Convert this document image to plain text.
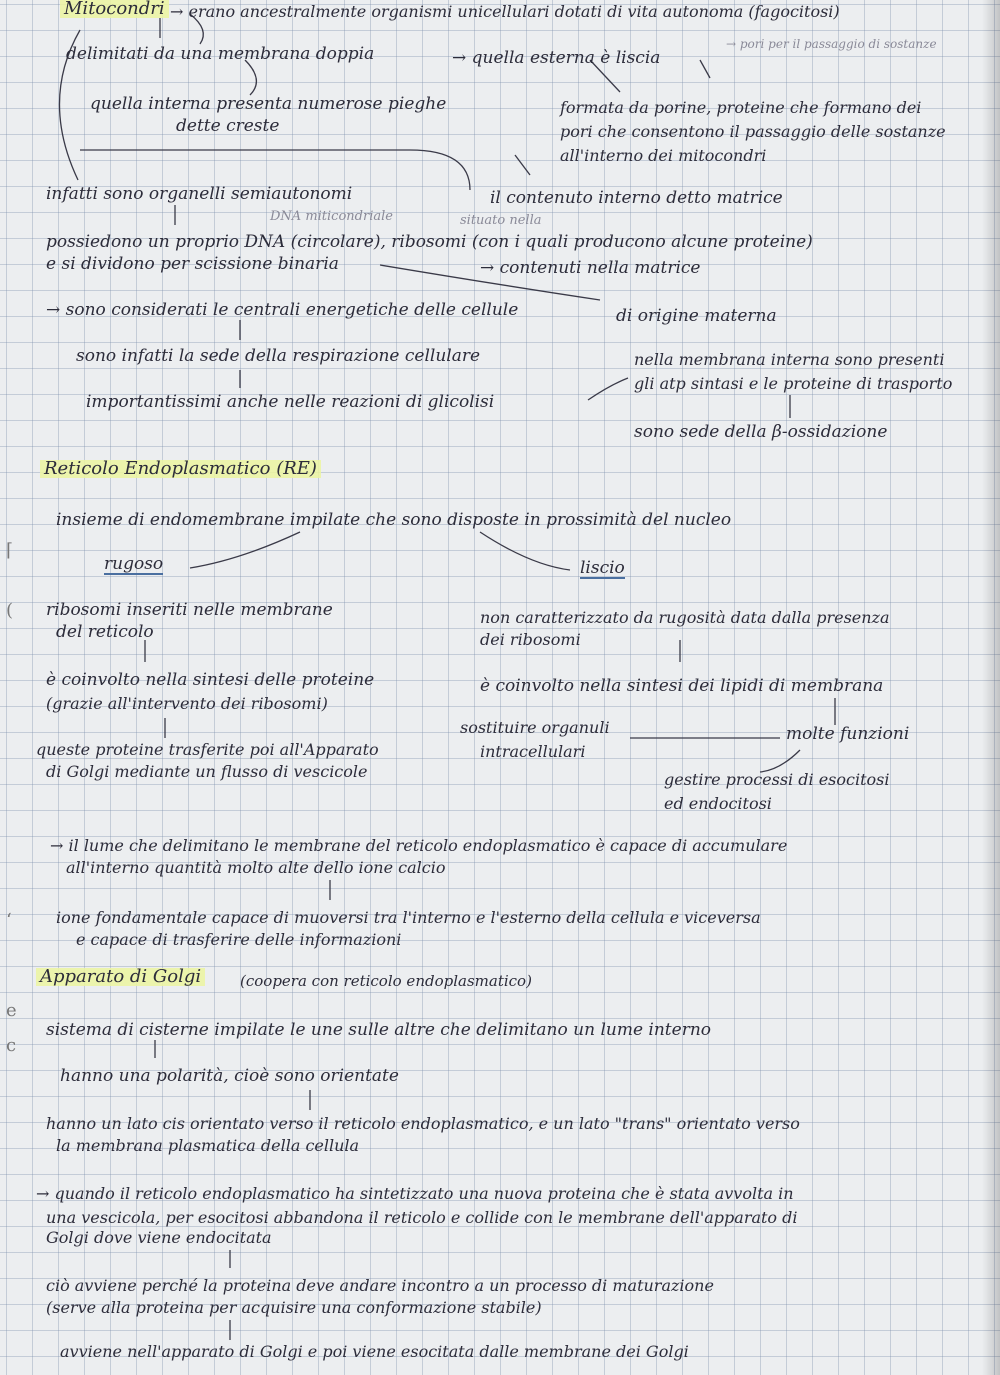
⌈
(
‘
e
c
Mitocondri → erano ancestralmente organismi unicellulari dotati di vita autonoma (fagocitosi)
delimitati da una membrana doppia	→ quella esterna è liscia
→ pori per il passaggio di sostanze
quella interna presenta numerose pieghe
dette creste
formata da porine, proteine che formano dei
pori che consentono il passaggio delle sostanze
all'interno dei mitocondri
infatti sono organelli semiautonomi	il contenuto interno detto matrice
DNA miticondriale	situato nella
possiedono un proprio DNA (circolare), ribosomi (con i quali producono alcune proteine)
e si dividono per scissione binaria	→ contenuti nella matrice
→ sono considerati le centrali energetiche delle cellule	di origine materna
sono infatti la sede della respirazione cellulare
importantissimi anche nelle reazioni di glicolisi
nella membrana interna sono presenti
gli atp sintasi e le proteine di trasporto
sono sede della β-ossidazione
Reticolo Endoplasmatico (RE)
insieme di endomembrane impilate che sono disposte in prossimità del nucleo
rugoso	liscio
ribosomi inseriti nelle membrane
del reticolo
è coinvolto nella sintesi delle proteine
(grazie all'intervento dei ribosomi)
queste proteine trasferite poi all'Apparato
di Golgi mediante un flusso di vescicole
non caratterizzato da rugosità data dalla presenza
dei ribosomi
è coinvolto nella sintesi dei lipidi di membrana
molte funzioni
sostituire organuli
intracellulari
gestire processi di esocitosi
ed endocitosi
→ il lume che delimitano le membrane del reticolo endoplasmatico è capace di accumulare
all'interno quantità molto alte dello ione calcio
ione fondamentale capace di muoversi tra l'interno e l'esterno della cellula e viceversa
e capace di trasferire delle informazioni
Apparato di Golgi	(coopera con reticolo endoplasmatico)
sistema di cisterne impilate le une sulle altre che delimitano un lume interno
hanno una polarità, cioè sono orientate
hanno un lato cis orientato verso il reticolo endoplasmatico, e un lato "trans" orientato verso
la membrana plasmatica della cellula
→ quando il reticolo endoplasmatico ha sintetizzato una nuova proteina che è stata avvolta in
una vescicola, per esocitosi abbandona il reticolo e collide con le membrane dell'apparato di
Golgi dove viene endocitata
ciò avviene perché la proteina deve andare incontro a un processo di maturazione
(serve alla proteina per acquisire una conformazione stabile)
avviene nell'apparato di Golgi e poi viene esocitata dalle membrane dei Golgi
